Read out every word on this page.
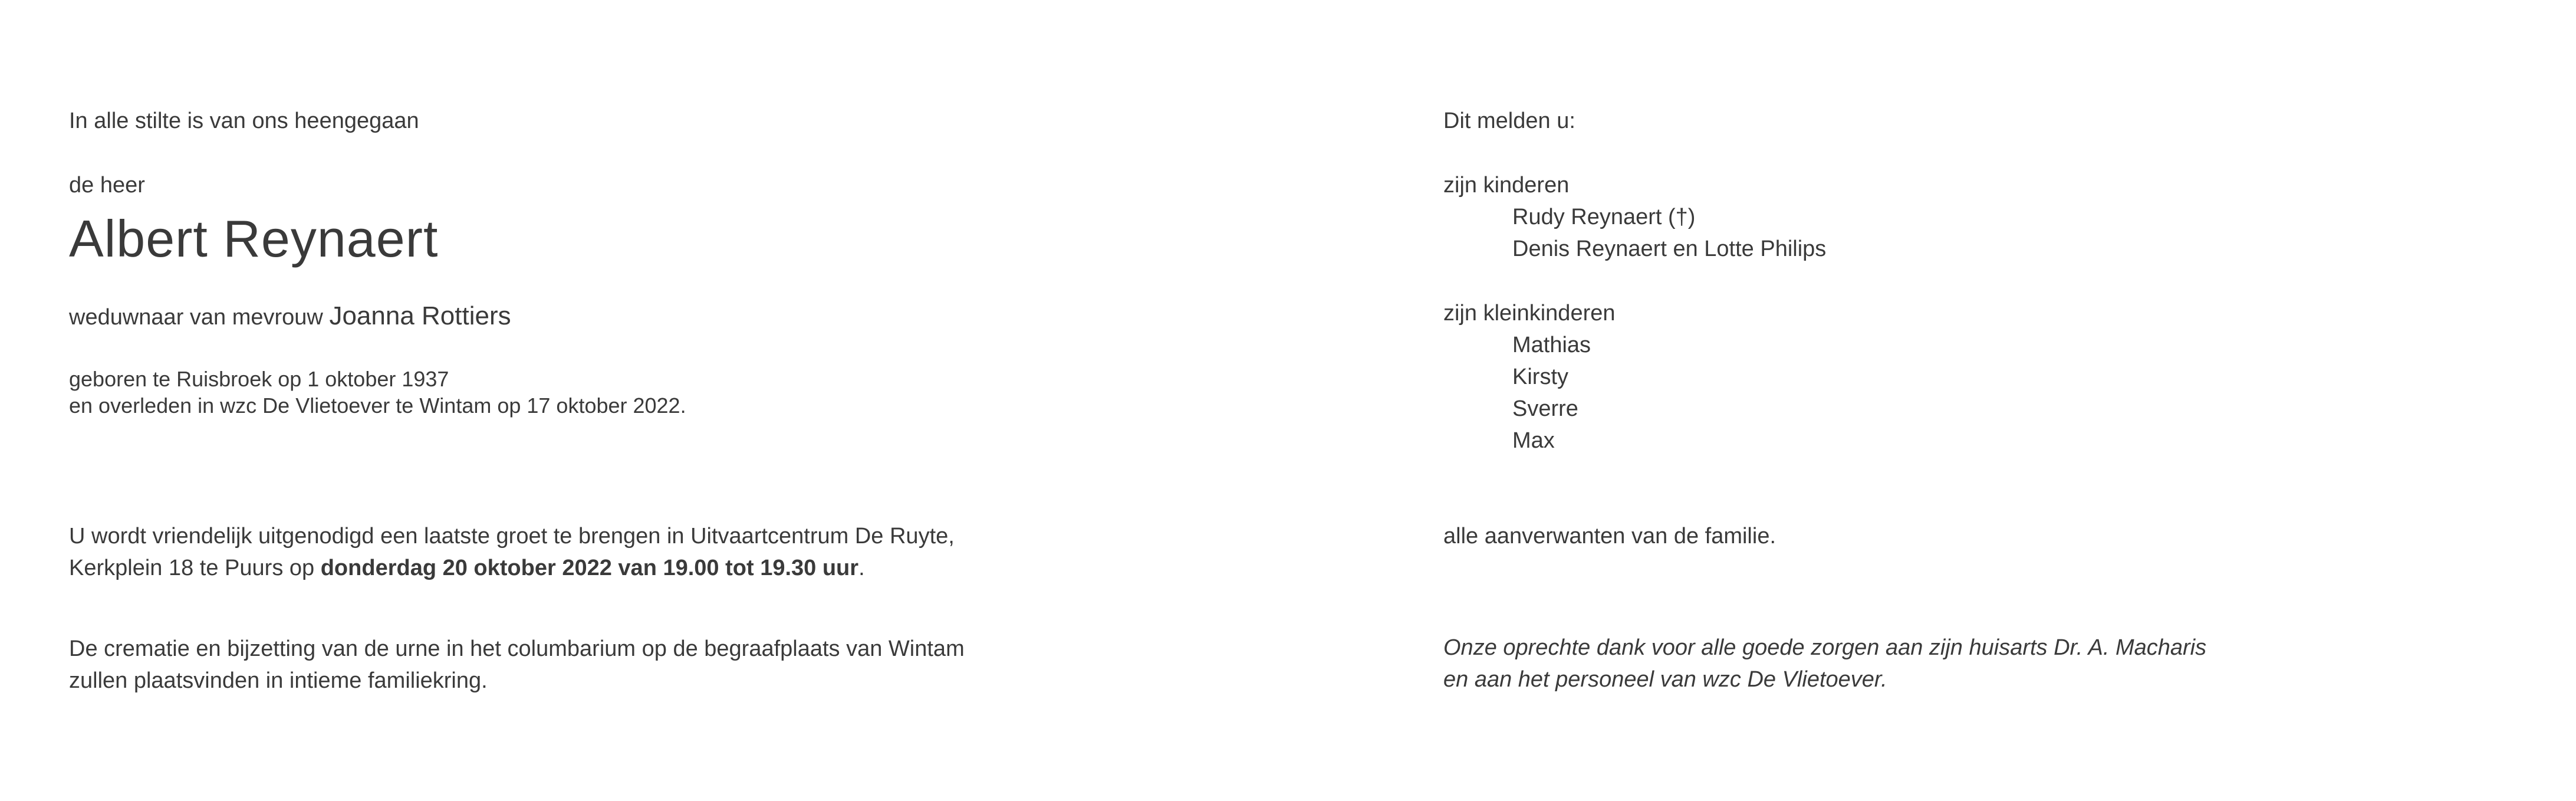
In alle stilte is van ons heengegaan
de heer
Albert Reynaert
weduwnaar van mevrouw Joanna Rottiers
geboren te Ruisbroek op 1 oktober 1937
en overleden in wzc De Vlietoever te Wintam op 17 oktober 2022.
U wordt vriendelijk uitgenodigd een laatste groet te brengen in Uitvaartcentrum De Ruyte,
Kerkplein 18 te Puurs op donderdag 20 oktober 2022 van 19.00 tot 19.30 uur.
De crematie en bijzetting van de urne in het columbarium op de begraafplaats van Wintam
zullen plaatsvinden in intieme familiekring.
Dit melden u:
zijn kinderen
Rudy Reynaert (†)
Denis Reynaert en Lotte Philips
zijn kleinkinderen
Mathias
Kirsty
Sverre
Max
alle aanverwanten van de familie.
Onze oprechte dank voor alle goede zorgen aan zijn huisarts Dr. A. Macharis
en aan het personeel van wzc De Vlietoever.
